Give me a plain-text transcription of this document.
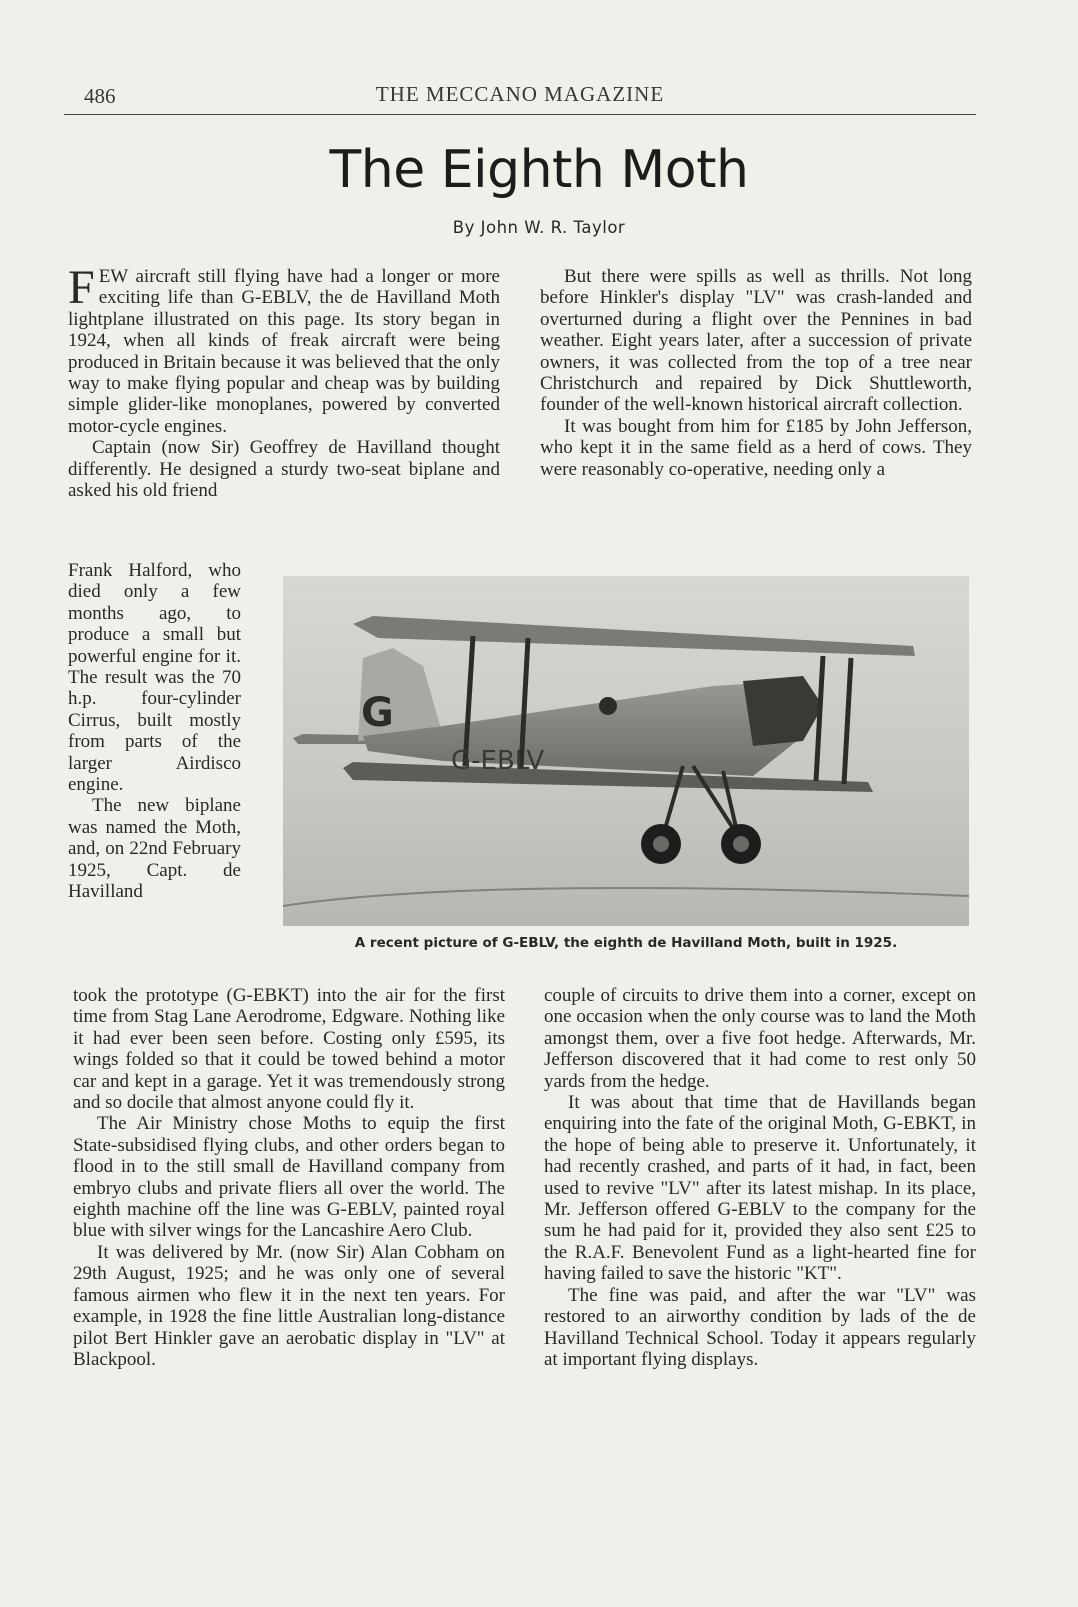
486	THE MECCANO MAGAZINE
The Eighth Moth
By John W. R. Taylor

FEW aircraft still flying have had a longer or more exciting life than G-EBLV, the de Havilland Moth lightplane illustrated on this page. Its story began in 1924, when all kinds of freak aircraft were being produced in Britain because it was believed that the only way to make flying popular and cheap was by building simple glider-like monoplanes, powered by converted motor-cycle engines.

Captain (now Sir) Geoffrey de Havilland thought differently. He designed a sturdy two-seat biplane and asked his old friend

But there were spills as well as thrills. Not long before Hinkler's display "LV" was crash-landed and overturned during a flight over the Pennines in bad weather. Eight years later, after a succession of private owners, it was collected from the top of a tree near Christchurch and repaired by Dick Shuttleworth, founder of the well-known historical aircraft collection.

It was bought from him for £185 by John Jefferson, who kept it in the same field as a herd of cows. They were reasonably co-operative, needing only a

Frank Halford, who died only a few months ago, to produce a small but powerful engine for it. The result was the 70 h.p. four-cylinder Cirrus, built mostly from parts of the larger Airdisco engine.

The new biplane was named the Moth, and, on 22nd February 1925, Capt. de Havilland

G
G-EBLV
A recent picture of G-EBLV, the eighth de Havilland Moth, built in 1925.

took the prototype (G-EBKT) into the air for the first time from Stag Lane Aerodrome, Edgware. Nothing like it had ever been seen before. Costing only £595, its wings folded so that it could be towed behind a motor car and kept in a garage. Yet it was tremendously strong and so docile that almost anyone could fly it.

The Air Ministry chose Moths to equip the first State-subsidised flying clubs, and other orders began to flood in to the still small de Havilland company from embryo clubs and private fliers all over the world. The eighth machine off the line was G-EBLV, painted royal blue with silver wings for the Lancashire Aero Club.

It was delivered by Mr. (now Sir) Alan Cobham on 29th August, 1925; and he was only one of several famous airmen who flew it in the next ten years. For example, in 1928 the fine little Australian long-distance pilot Bert Hinkler gave an aerobatic display in "LV" at Blackpool.

couple of circuits to drive them into a corner, except on one occasion when the only course was to land the Moth amongst them, over a five foot hedge. Afterwards, Mr. Jefferson discovered that it had come to rest only 50 yards from the hedge.

It was about that time that de Havillands began enquiring into the fate of the original Moth, G-EBKT, in the hope of being able to preserve it. Unfortunately, it had recently crashed, and parts of it had, in fact, been used to revive "LV" after its latest mishap. In its place, Mr. Jefferson offered G-EBLV to the company for the sum he had paid for it, provided they also sent £25 to the R.A.F. Benevolent Fund as a light-hearted fine for having failed to save the historic "KT".

The fine was paid, and after the war "LV" was restored to an airworthy condition by lads of the de Havilland Technical School. Today it appears regularly at important flying displays.
